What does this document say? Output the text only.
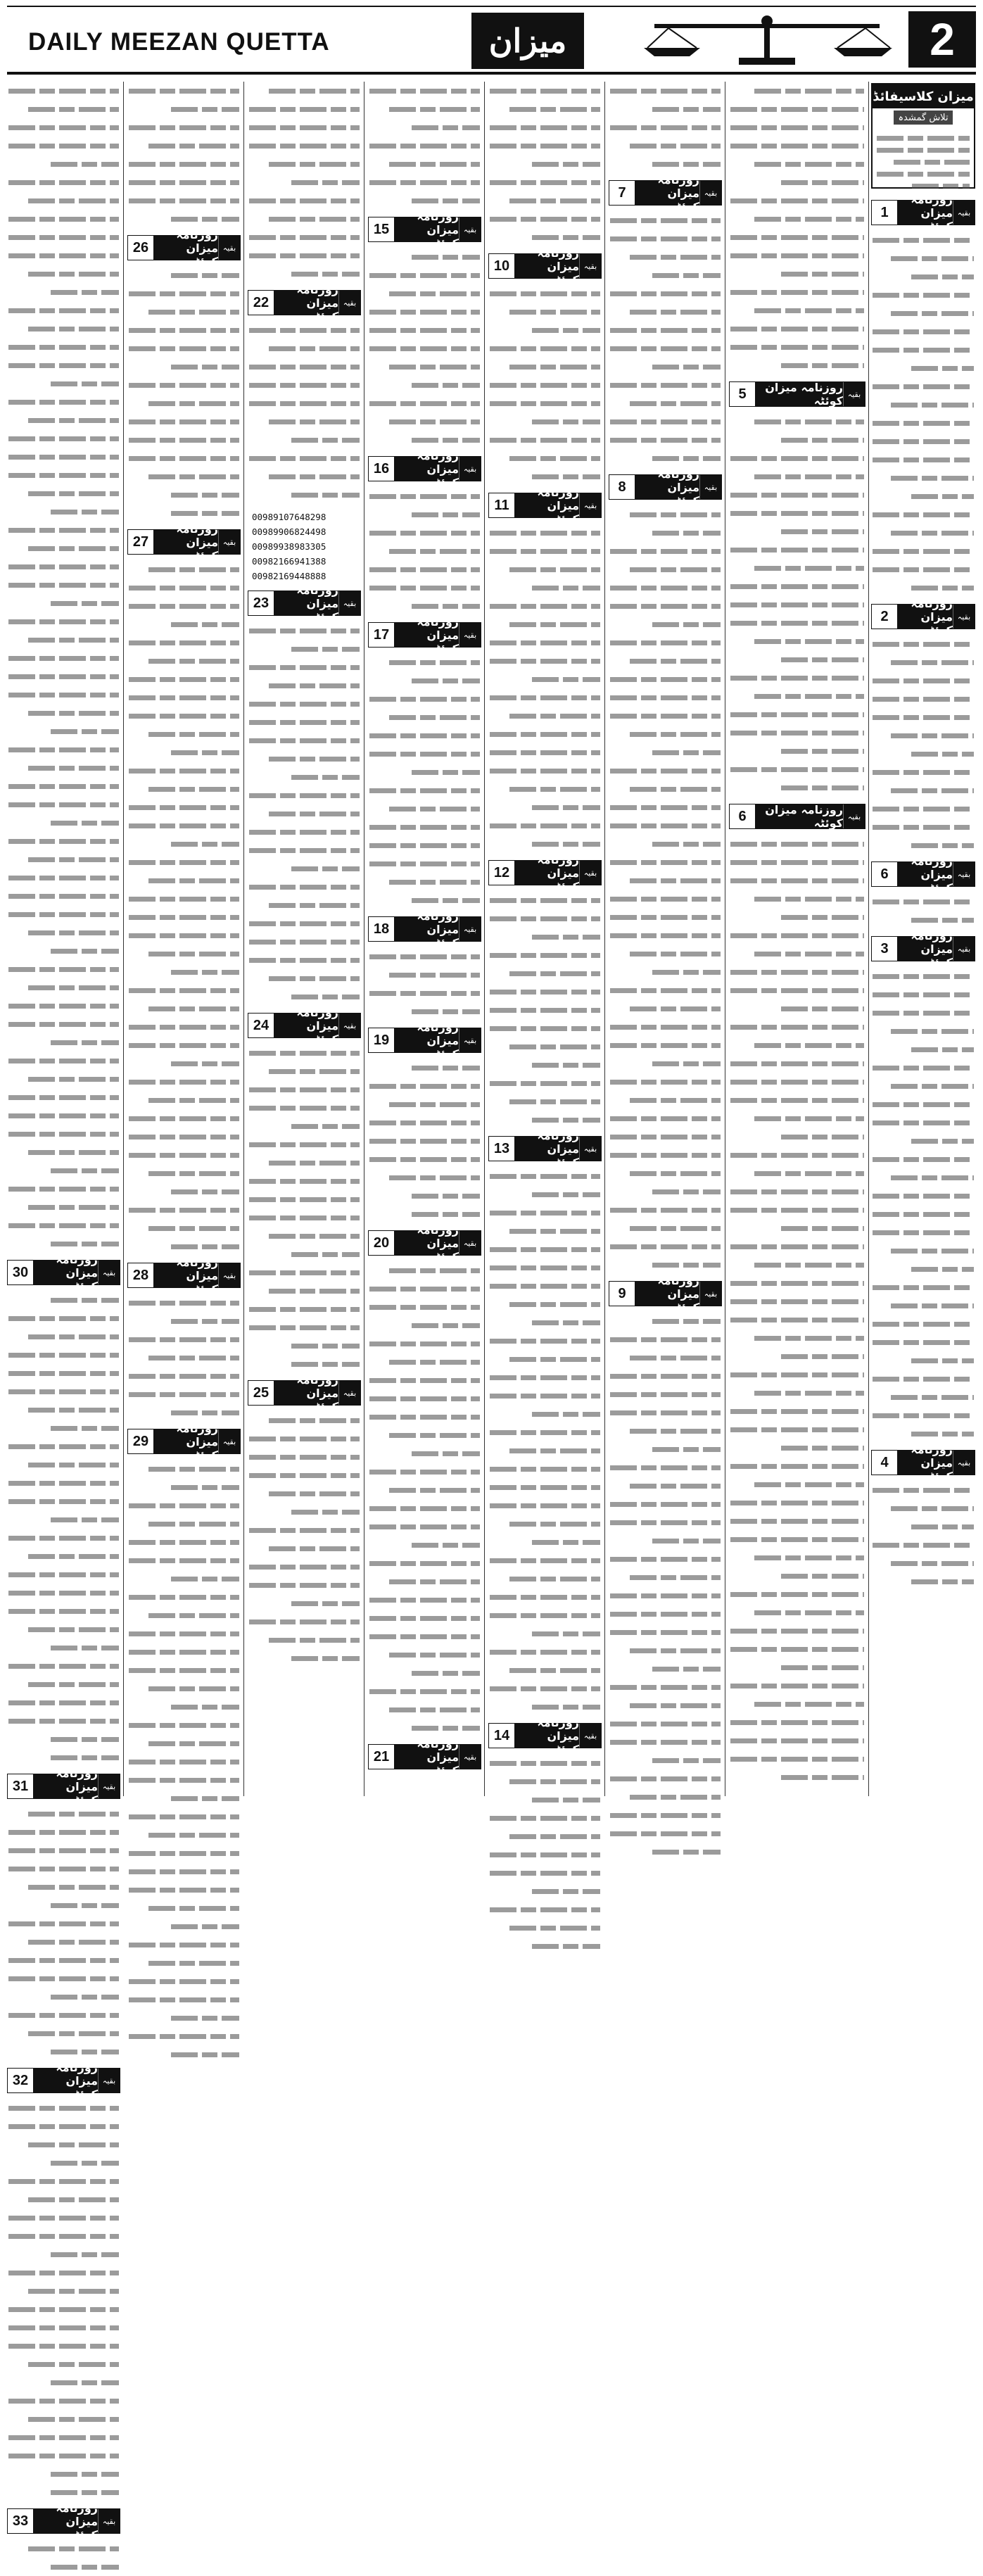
DAILY MEEZAN QUETTA	میزان	2
میزان کلاسیفائڈ
تلاش گمشدہ
30
روزنامہ میزان کوئٹہ
بقیہ
31
روزنامہ میزان کوئٹہ
بقیہ
32
روزنامہ میزان کوئٹہ
بقیہ
33
روزنامہ میزان کوئٹہ
بقیہ
26
روزنامہ میزان کوئٹہ
بقیہ
27
روزنامہ میزان کوئٹہ
بقیہ
28
روزنامہ میزان کوئٹہ
بقیہ
29
روزنامہ میزان کوئٹہ
بقیہ
22
روزنامہ میزان کوئٹہ
بقیہ
00989107648298
00989906824498
00989938983305
00982166941388
00982169448888
23
روزنامہ میزان کوئٹہ
بقیہ
24
روزنامہ میزان کوئٹہ
بقیہ
25
روزنامہ میزان کوئٹہ
بقیہ
15
روزنامہ میزان کوئٹہ
بقیہ
16
روزنامہ میزان کوئٹہ
بقیہ
17
روزنامہ میزان کوئٹہ
بقیہ
18
روزنامہ میزان کوئٹہ
بقیہ
19
روزنامہ میزان کوئٹہ
بقیہ
20
روزنامہ میزان کوئٹہ
بقیہ
21
روزنامہ میزان کوئٹہ
بقیہ
10
روزنامہ میزان کوئٹہ
بقیہ
11
روزنامہ میزان کوئٹہ
بقیہ
12
روزنامہ میزان کوئٹہ
بقیہ
13
روزنامہ میزان کوئٹہ
بقیہ
14
روزنامہ میزان کوئٹہ
بقیہ
7
روزنامہ میزان کوئٹہ
بقیہ
8
روزنامہ میزان کوئٹہ
بقیہ
9
روزنامہ میزان کوئٹہ
بقیہ
5	روزنامہ میزان کوئٹہ بقیہ
6	روزنامہ میزان کوئٹہ بقیہ
1
روزنامہ میزان کوئٹہ
بقیہ
2
روزنامہ میزان کوئٹہ
بقیہ
6
روزنامہ میزان کوئٹہ
بقیہ
3
روزنامہ میزان کوئٹہ
بقیہ
4
روزنامہ میزان کوئٹہ
بقیہ
